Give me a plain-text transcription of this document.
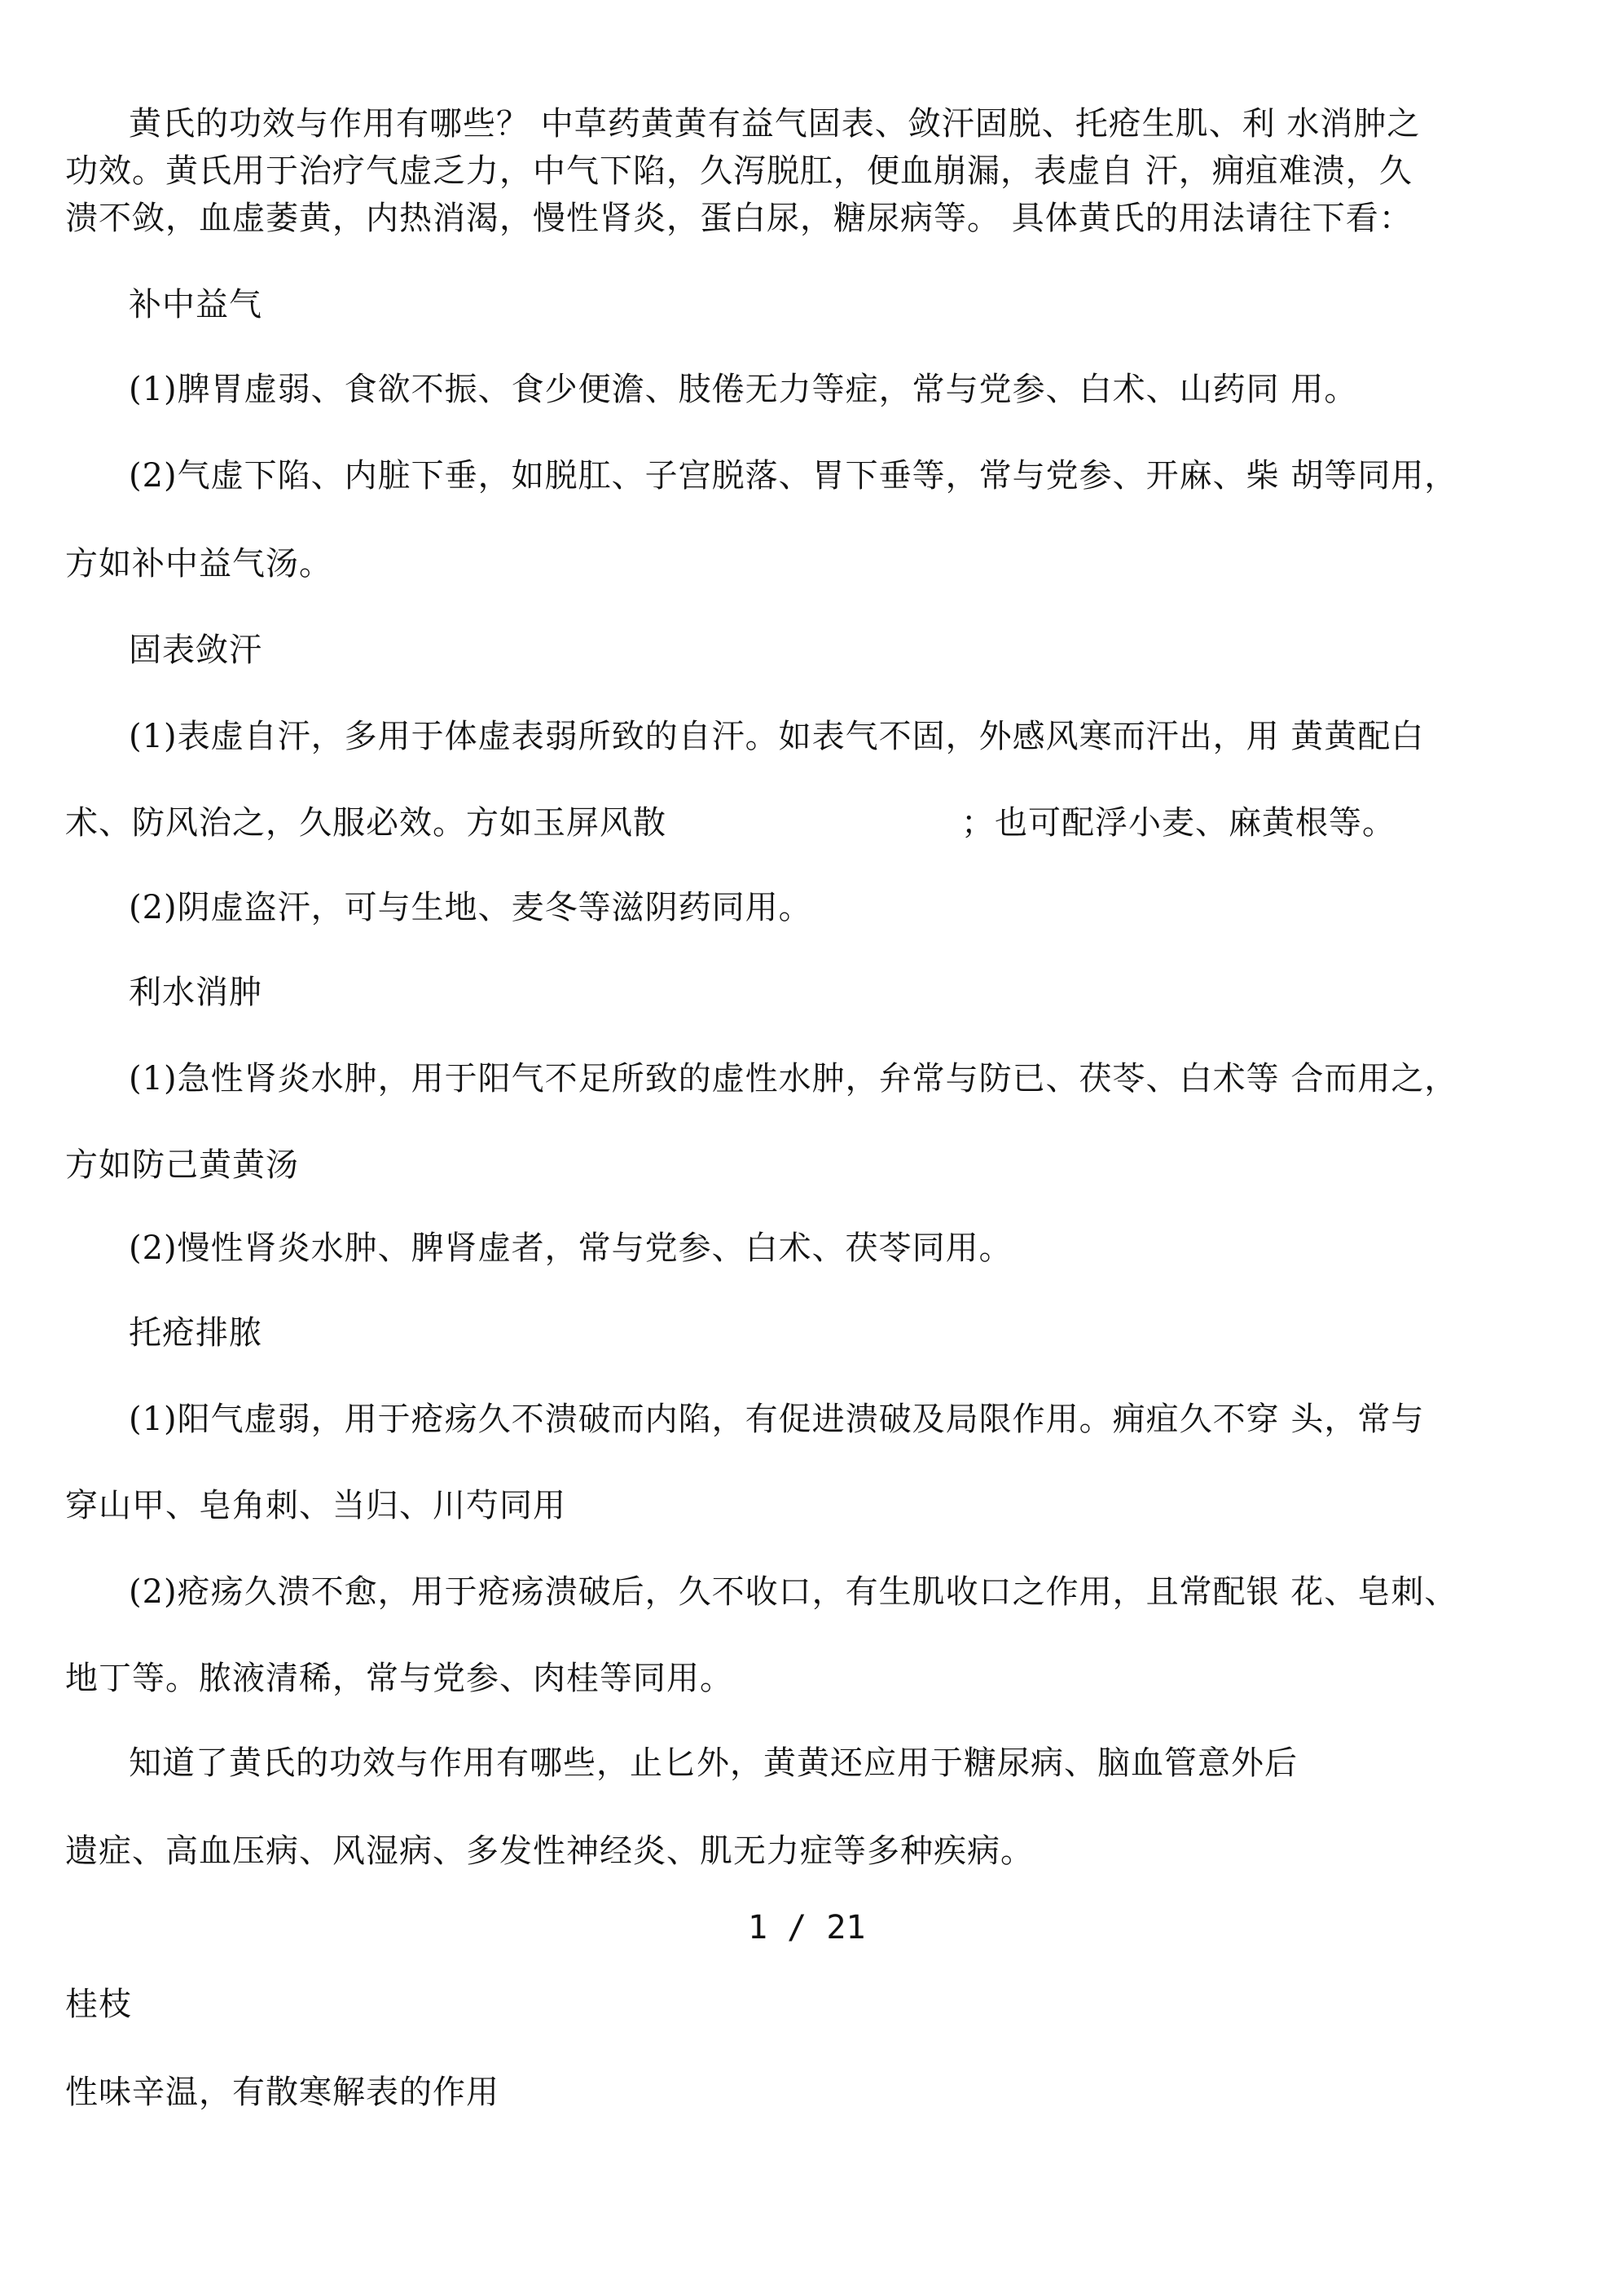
黄氏的功效与作用有哪些？ 中草药黄黄有益气固表、敛汗固脱、托疮生肌、利 水消肿之

功效。黄氏用于治疗气虚乏力，中气下陷，久泻脱肛，便血崩漏，表虚自 汗，痈疽难溃，久

溃不敛，血虚萎黄，内热消渴，慢性肾炎，蛋白尿，糖尿病等。 具体黄氏的用法请往下看：

补中益气

(1)脾胃虚弱、食欲不振、食少便澹、肢倦无力等症，常与党参、白术、山药同 用。

(2)气虚下陷、内脏下垂，如脱肛、子宫脱落、胃下垂等，常与党参、开麻、柴 胡等同用，

方如补中益气汤。

固表敛汗

(1)表虚自汗，多用于体虚表弱所致的自汗。如表气不固，外感风寒而汗出，用 黄黄配白

术、防风治之，久服必效。方如玉屏风散	；也可配浮小麦、麻黄根等。

(2)阴虚盗汗，可与生地、麦冬等滋阴药同用。

利水消肿

(1)急性肾炎水肿，用于阳气不足所致的虚性水肿，弁常与防已、茯苓、白术等 合而用之，

方如防己黄黄汤

(2)慢性肾炎水肿、脾肾虚者，常与党参、白术、茯苓同用。

托疮排脓

(1)阳气虚弱，用于疮疡久不溃破而内陷，有促进溃破及局限作用。痈疽久不穿 头，常与

穿山甲、皂角刺、当归、川芍同用

(2)疮疡久溃不愈，用于疮疡溃破后，久不收口，有生肌收口之作用，且常配银 花、皂刺、

地丁等。脓液清稀，常与党参、肉桂等同用。

知道了黄氏的功效与作用有哪些，止匕外，黄黄还应用于糖尿病、脑血管意外后

遗症、高血压病、风湿病、多发性神经炎、肌无力症等多种疾病。

1 / 21

桂枝

性味辛温，有散寒解表的作用
